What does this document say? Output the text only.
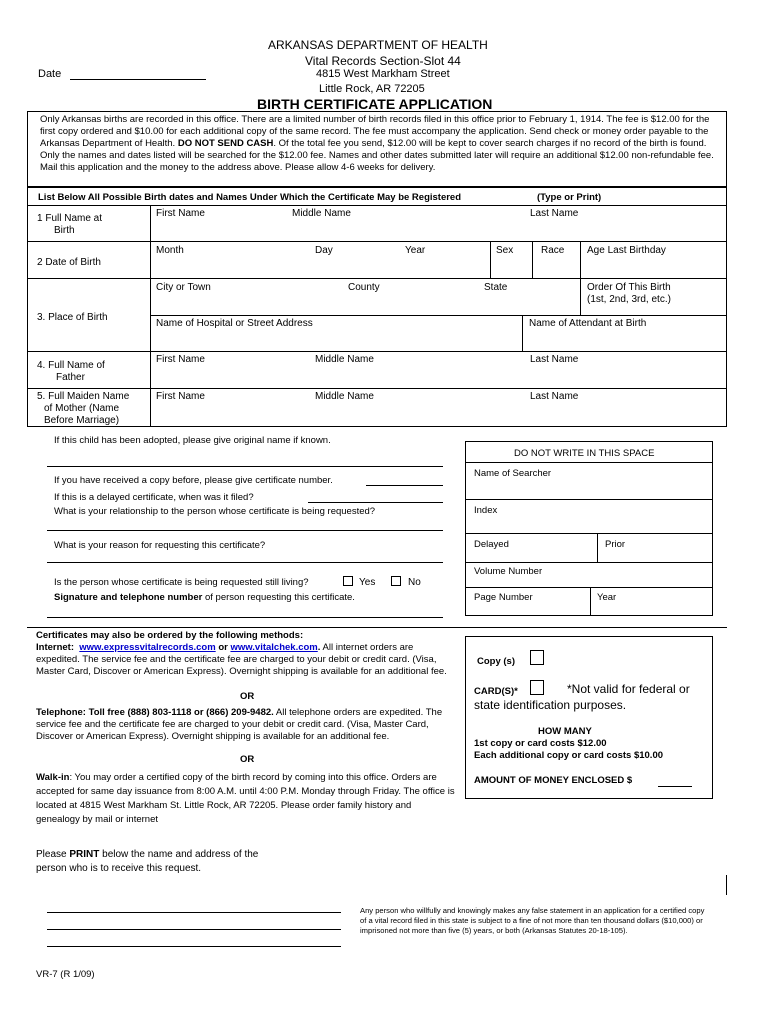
ARKANSAS DEPARTMENT OF HEALTH
Vital Records Section-Slot 44
4815 West Markham Street
Little Rock, AR 72205
BIRTH CERTIFICATE APPLICATION
Date
Only Arkansas births are recorded in this office. There are a limited number of birth records filed in this office prior to February 1, 1914. The fee is $12.00 for the first copy ordered and $10.00 for each additional copy of the same record. The fee must accompany the application. Send check or money order payable to the Arkansas Department of Health. DO NOT SEND CASH. Of the total fee you send, $12.00 will be kept to cover search charges if no record of the birth is found. Only the names and dates listed will be searched for the $12.00 fee. Names and other dates submitted later will require an additional $12.00 non-refundable fee. Mail this application and the money to the address above. Please allow 4-6 weeks for delivery.
List Below All Possible Birth dates and Names Under Which the Certificate May be Registered	(Type or Print)
1 Full Name at
Birth
First Name	Middle Name	Last Name
2 Date of Birth
Month	Day	Year	Sex	Race Age Last Birthday
3. Place of Birth
City or Town	County	State	Order Of This Birth
(1st, 2nd, 3rd, etc.)
Name of Hospital or Street Address	Name of Attendant at Birth
4. Full Name of
Father
First Name	Middle Name	Last Name
5. Full Maiden Name
of Mother (Name
Before Marriage)
First Name	Middle Name	Last Name
If this child has been adopted, please give original name if known.
If you have received a copy before, please give certificate number.
If this is a delayed certificate, when was it filed?
What is your relationship to the person whose certificate is being requested?
What is your reason for requesting this certificate?
Is the person whose certificate is being requested still living?	Yes	No
Signature and telephone number of person requesting this certificate.
DO NOT WRITE IN THIS SPACE
Name of Searcher
Index
Delayed	Prior
Volume Number
Page Number	Year
Certificates may also be ordered by the following methods:
Internet: www.expressvitalrecords.com or www.vitalchek.com. All internet orders are expedited. The service fee and the certificate fee are charged to your debit or credit card. (Visa, Master Card, Discover or American Express). Overnight shipping is available for an additional fee.
OR
Telephone: Toll free (888) 803-1118 or (866) 209-9482. All telephone orders are expedited. The service fee and the certificate fee are charged to your debit or credit card. (Visa, Master Card, Discover or American Express). Overnight shipping is available for an additional fee.
OR
Walk-in: You may order a certified copy of the birth record by coming into this office. Orders are accepted for same day issuance from 8:00 A.M. until 4:00 P.M. Monday through Friday. The office is located at 4815 West Markham St. Little Rock, AR 72205. Please order family history and genealogy by mail or internet
Copy (s)
CARD(S)*	*Not valid for federal or
state identification purposes.
HOW MANY
1st copy or card costs $12.00
Each additional copy or card costs $10.00
AMOUNT OF MONEY ENCLOSED $
Please PRINT below the name and address of the
person who is to receive this request.
Any person who willfully and knowingly makes any false statement in an application for a certified copy of a vital record filed in this state is subject to a fine of not more than ten thousand dollars ($10,000) or imprisoned not more than five (5) years, or both (Arkansas Statutes 20-18-105).
VR-7 (R 1/09)
